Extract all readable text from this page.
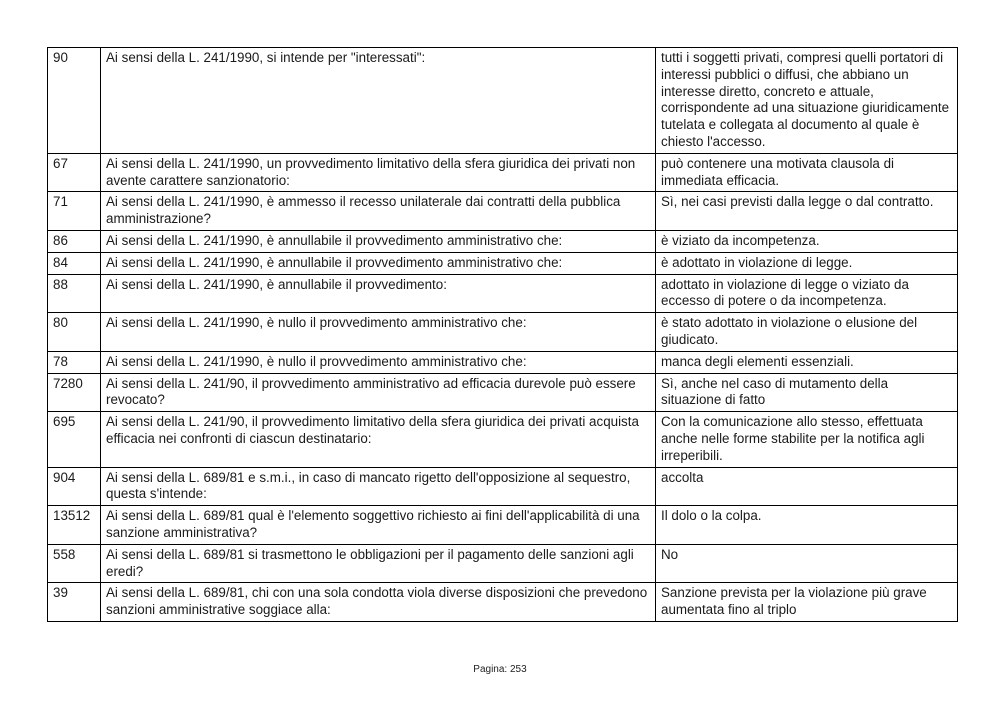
90	Ai sensi della L. 241/1990, si intende per "interessati":	tutti i soggetti privati, compresi quelli portatori di interessi pubblici o diffusi, che abbiano un interesse diretto, concreto e attuale, corrispondente ad una situazione giuridicamente tutelata e collegata al documento al quale è chiesto l'accesso.
67	Ai sensi della L. 241/1990, un provvedimento limitativo della sfera giuridica dei privati non avente carattere sanzionatorio:	può contenere una motivata clausola di immediata efficacia.
71	Ai sensi della L. 241/1990, è ammesso il recesso unilaterale dai contratti della pubblica amministrazione?	Sì, nei casi previsti dalla legge o dal contratto.
86	Ai sensi della L. 241/1990, è annullabile il provvedimento amministrativo che:	è viziato da incompetenza.
84	Ai sensi della L. 241/1990, è annullabile il provvedimento amministrativo che:	è adottato in violazione di legge.
88	Ai sensi della L. 241/1990, è annullabile il provvedimento:	adottato in violazione di legge o viziato da eccesso di potere o da incompetenza.
80	Ai sensi della L. 241/1990, è nullo il provvedimento amministrativo che:	è stato adottato in violazione o elusione del giudicato.
78	Ai sensi della L. 241/1990, è nullo il provvedimento amministrativo che:	manca degli elementi essenziali.
7280	Ai sensi della L. 241/90, il provvedimento amministrativo ad efficacia durevole può essere revocato?	Sì, anche nel caso di mutamento della situazione di fatto
695	Ai sensi della L. 241/90, il provvedimento limitativo della sfera giuridica dei privati acquista efficacia nei confronti di ciascun destinatario:	Con la comunicazione allo stesso, effettuata anche nelle forme stabilite per la notifica agli irreperibili.
904	Ai sensi della L. 689/81 e s.m.i., in caso di mancato rigetto dell'opposizione al sequestro, questa s'intende:	accolta
13512	Ai sensi della L. 689/81 qual è l'elemento soggettivo richiesto ai fini dell'applicabilità di una sanzione amministrativa?	Il dolo o la colpa.
558	Ai sensi della L. 689/81 si trasmettono le obbligazioni per il pagamento delle sanzioni agli eredi?	No
39	Ai sensi della L. 689/81, chi con una sola condotta viola diverse disposizioni che prevedono sanzioni amministrative soggiace alla:	Sanzione prevista per la violazione più grave aumentata fino al triplo
Pagina: 253
